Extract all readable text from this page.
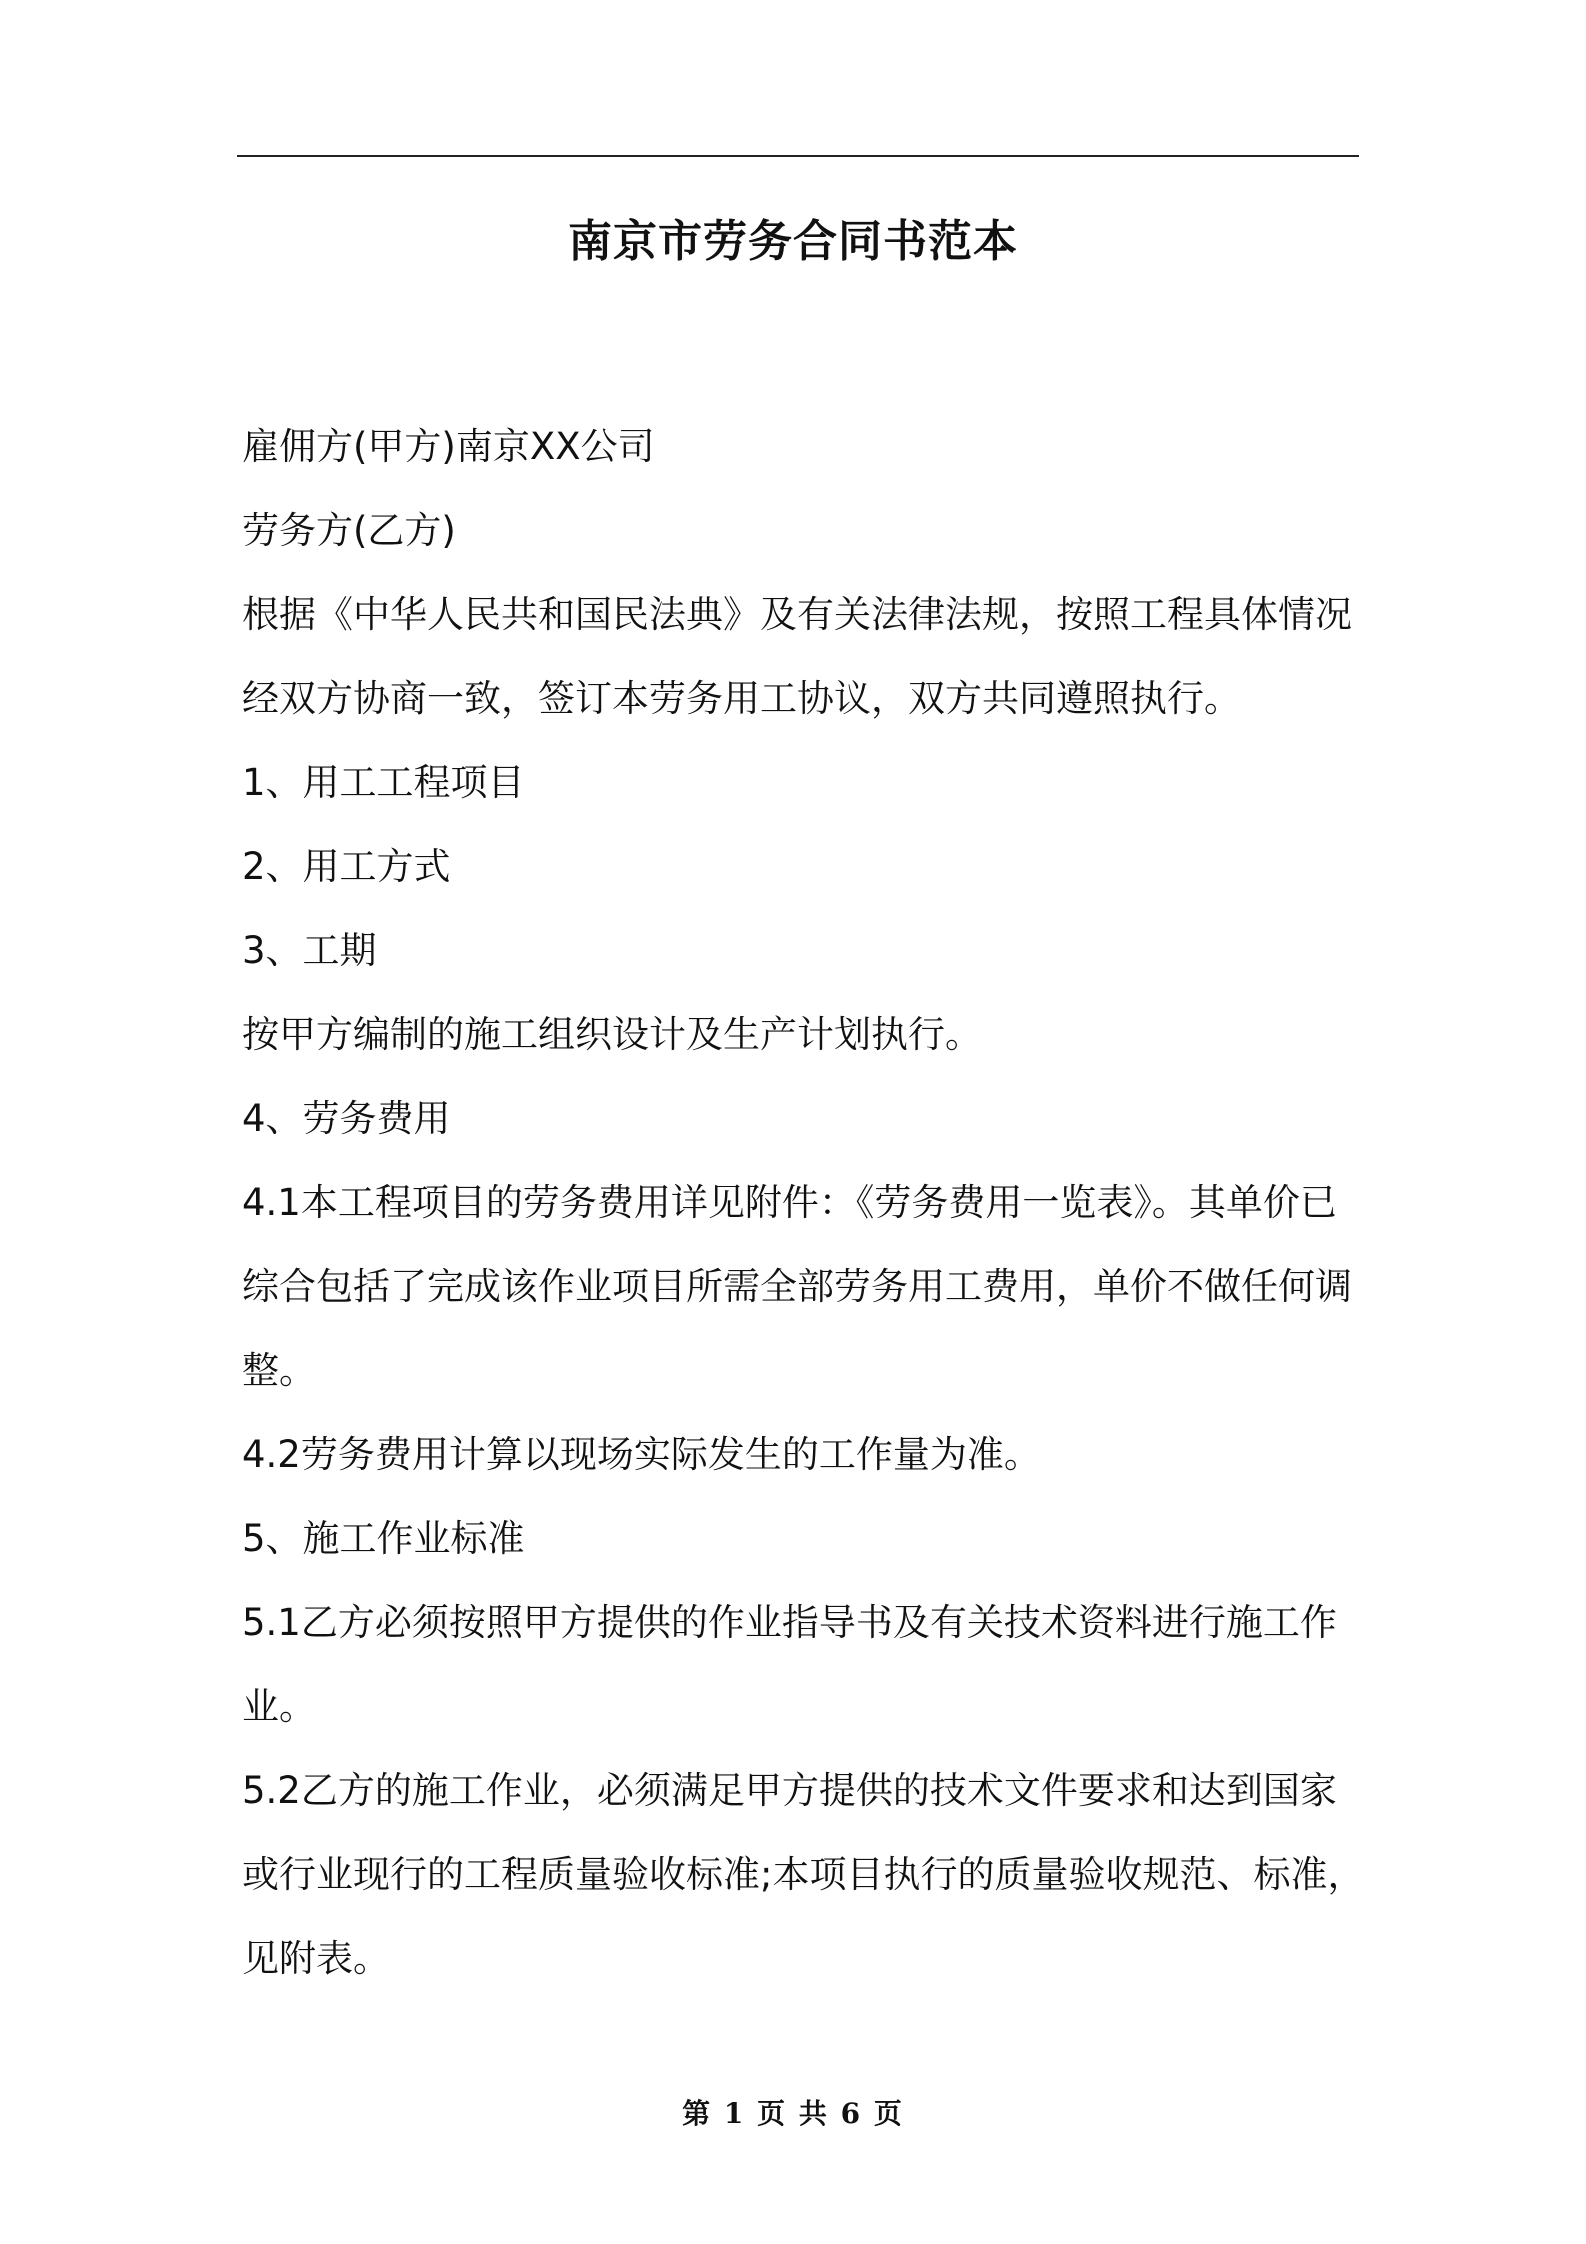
南京市劳务合同书范本

雇佣方(甲方)南京XX公司

劳务方(乙方)

根据《中华人民共和国民法典》及有关法律法规，按照工程具体情况

经双方协商一致，签订本劳务用工协议，双方共同遵照执行。

1、用工工程项目

2、用工方式

3、工期

按甲方编制的施工组织设计及生产计划执行。

4、劳务费用

4.1本工程项目的劳务费用详见附件：《劳务费用一览表》。其单价已

综合包括了完成该作业项目所需全部劳务用工费用，单价不做任何调

整。

4.2劳务费用计算以现场实际发生的工作量为准。

5、施工作业标准

5.1乙方必须按照甲方提供的作业指导书及有关技术资料进行施工作

业。

5.2乙方的施工作业，必须满足甲方提供的技术文件要求和达到国家

或行业现行的工程质量验收标准;本项目执行的质量验收规范、标准，

见附表。

第 1 页 共 6 页
